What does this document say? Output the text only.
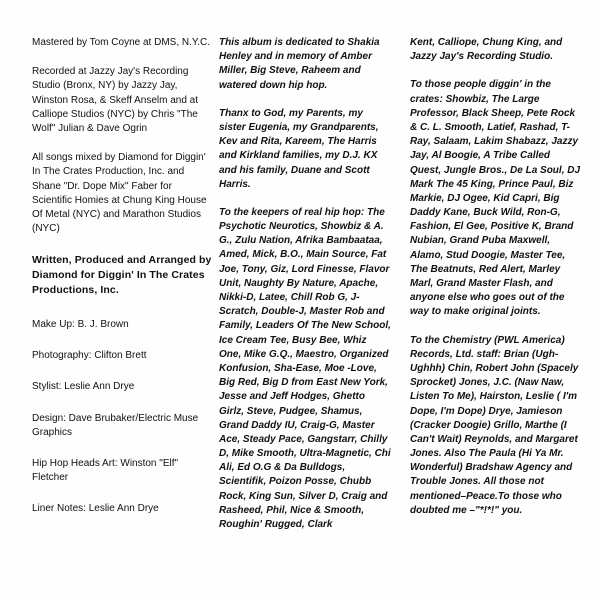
Mastered by Tom Coyne at DMS, N.Y.C.

Recorded at Jazzy Jay's Recording Studio (Bronx, NY) by Jazzy Jay, Winston Rosa, & Skeff Anselm and at Calliope Studios (NYC) by Chris "The Wolf" Julian & Dave Ogrin

All songs mixed by Diamond for Diggin' In The Crates Production, Inc. and Shane "Dr. Dope Mix" Faber for Scientific Homies at Chung King House Of Metal (NYC) and Marathon Studios (NYC)

Written, Produced and Arranged by Diamond for Diggin' In The Crates Productions, Inc.

Make Up: B. J. Brown

Photography: Clifton Brett

Stylist: Leslie Ann Drye

Design: Dave Brubaker/Electric Muse Graphics

Hip Hop Heads Art: Winston "Elf" Fletcher

Liner Notes: Leslie Ann Drye

This album is dedicated to Shakia Henley and in memory of Amber Miller, Big Steve, Raheem and watered down hip hop.

Thanx to God, my Parents, my sister Eugenia, my Grandparents, Kev and Rita, Kareem, The Harris and Kirkland families, my D.J. KX and his family, Duane and Scott Harris.

To the keepers of real hip hop: The Psychotic Neurotics, Showbiz & A. G., Zulu Nation, Afrika Bambaataa, Amed, Mick, B.O., Main Source, Fat Joe, Tony, Giz, Lord Finesse, Flavor Unit, Naughty By Nature, Apache, Nikki-D, Latee, Chill Rob G, J-Scratch, Double-J, Master Rob and Family, Leaders Of The New School, Ice Cream Tee, Busy Bee, Whiz One, Mike G.Q., Maestro, Organized Konfusion, Sha-Ease, Moe -Love, Big Red, Big D from East New York, Jesse and Jeff Hodges, Ghetto Girlz, Steve, Pudgee, Shamus, Grand Daddy IU, Craig-G, Master Ace, Steady Pace, Gangstarr, Chilly D, Mike Smooth, Ultra-Magnetic, Chi Ali, Ed O.G & Da Bulldogs, Scientifik, Poizon Posse, Chubb Rock, King Sun, Silver D, Craig and Rasheed, Phil, Nice & Smooth, Roughin' Rugged, Clark

Kent, Calliope, Chung King, and Jazzy Jay's Recording Studio.

To those people diggin' in the crates: Showbiz, The Large Professor, Black Sheep, Pete Rock & C. L. Smooth, Latief, Rashad, T-Ray, Salaam, Lakim Shabazz, Jazzy Jay, Al Boogie, A Tribe Called Quest, Jungle Bros., De La Soul, DJ Mark The 45 King, Prince Paul, Biz Markie, DJ Ogee, Kid Capri, Big Daddy Kane, Buck Wild, Ron-G, Fashion, El Gee, Positive K, Brand Nubian, Grand Puba Maxwell, Alamo, Stud Doogie, Master Tee, The Beatnuts, Red Alert, Marley Marl, Grand Master Flash, and anyone else who goes out of the way to make original joints.

To the Chemistry (PWL America) Records, Ltd. staff: Brian (Ugh-Ughhh) Chin, Robert John (Spacely Sprocket) Jones, J.C. (Naw Naw, Listen To Me), Hairston, Leslie ( I'm Dope, I'm Dope) Drye, Jamieson (Cracker Doogie) Grillo, Marthe (I Can't Wait) Reynolds, and Margaret Jones. Also The Paula (Hi Ya Mr. Wonderful) Bradshaw Agency and Trouble Jones. All those not mentioned–Peace.To those who doubted me –"*!*!" you.
